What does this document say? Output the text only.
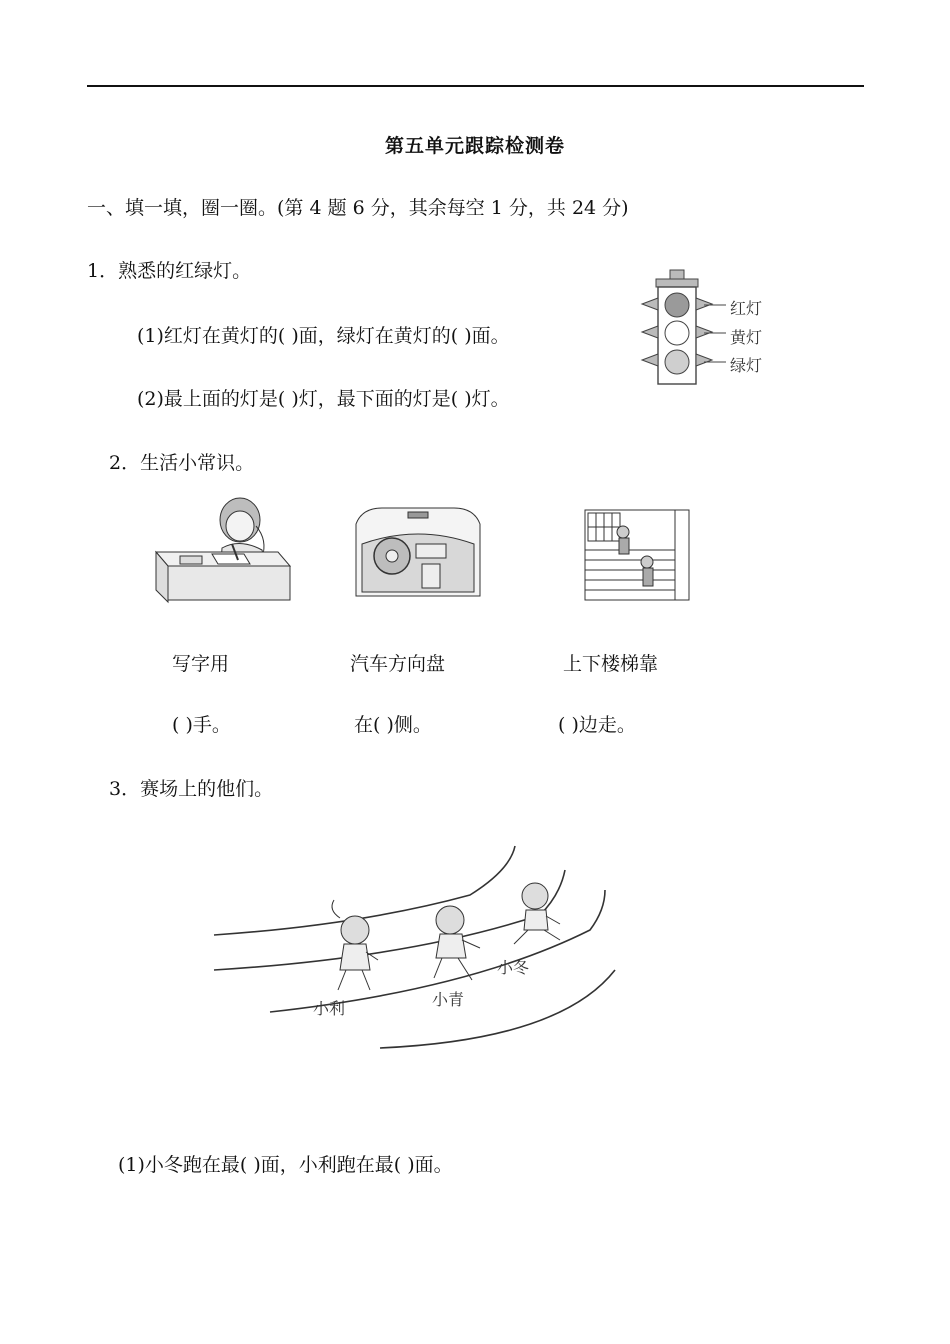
第五单元跟踪检测卷
一、填一填，圈一圈。(第 4 题 6 分，其余每空 1 分，共 24 分)
1．熟悉的红绿灯。
(1)红灯在黄灯的( )面，绿灯在黄灯的( )面。
(2)最上面的灯是( )灯，最下面的灯是( )灯。
红灯
黄灯
绿灯
2．生活小常识。
写字用	汽车方向盘	上下楼梯靠
( )手。	在( )侧。	( )边走。
3．赛场上的他们。
小利	小青
小冬
(1)小冬跑在最( )面，小利跑在最( )面。
